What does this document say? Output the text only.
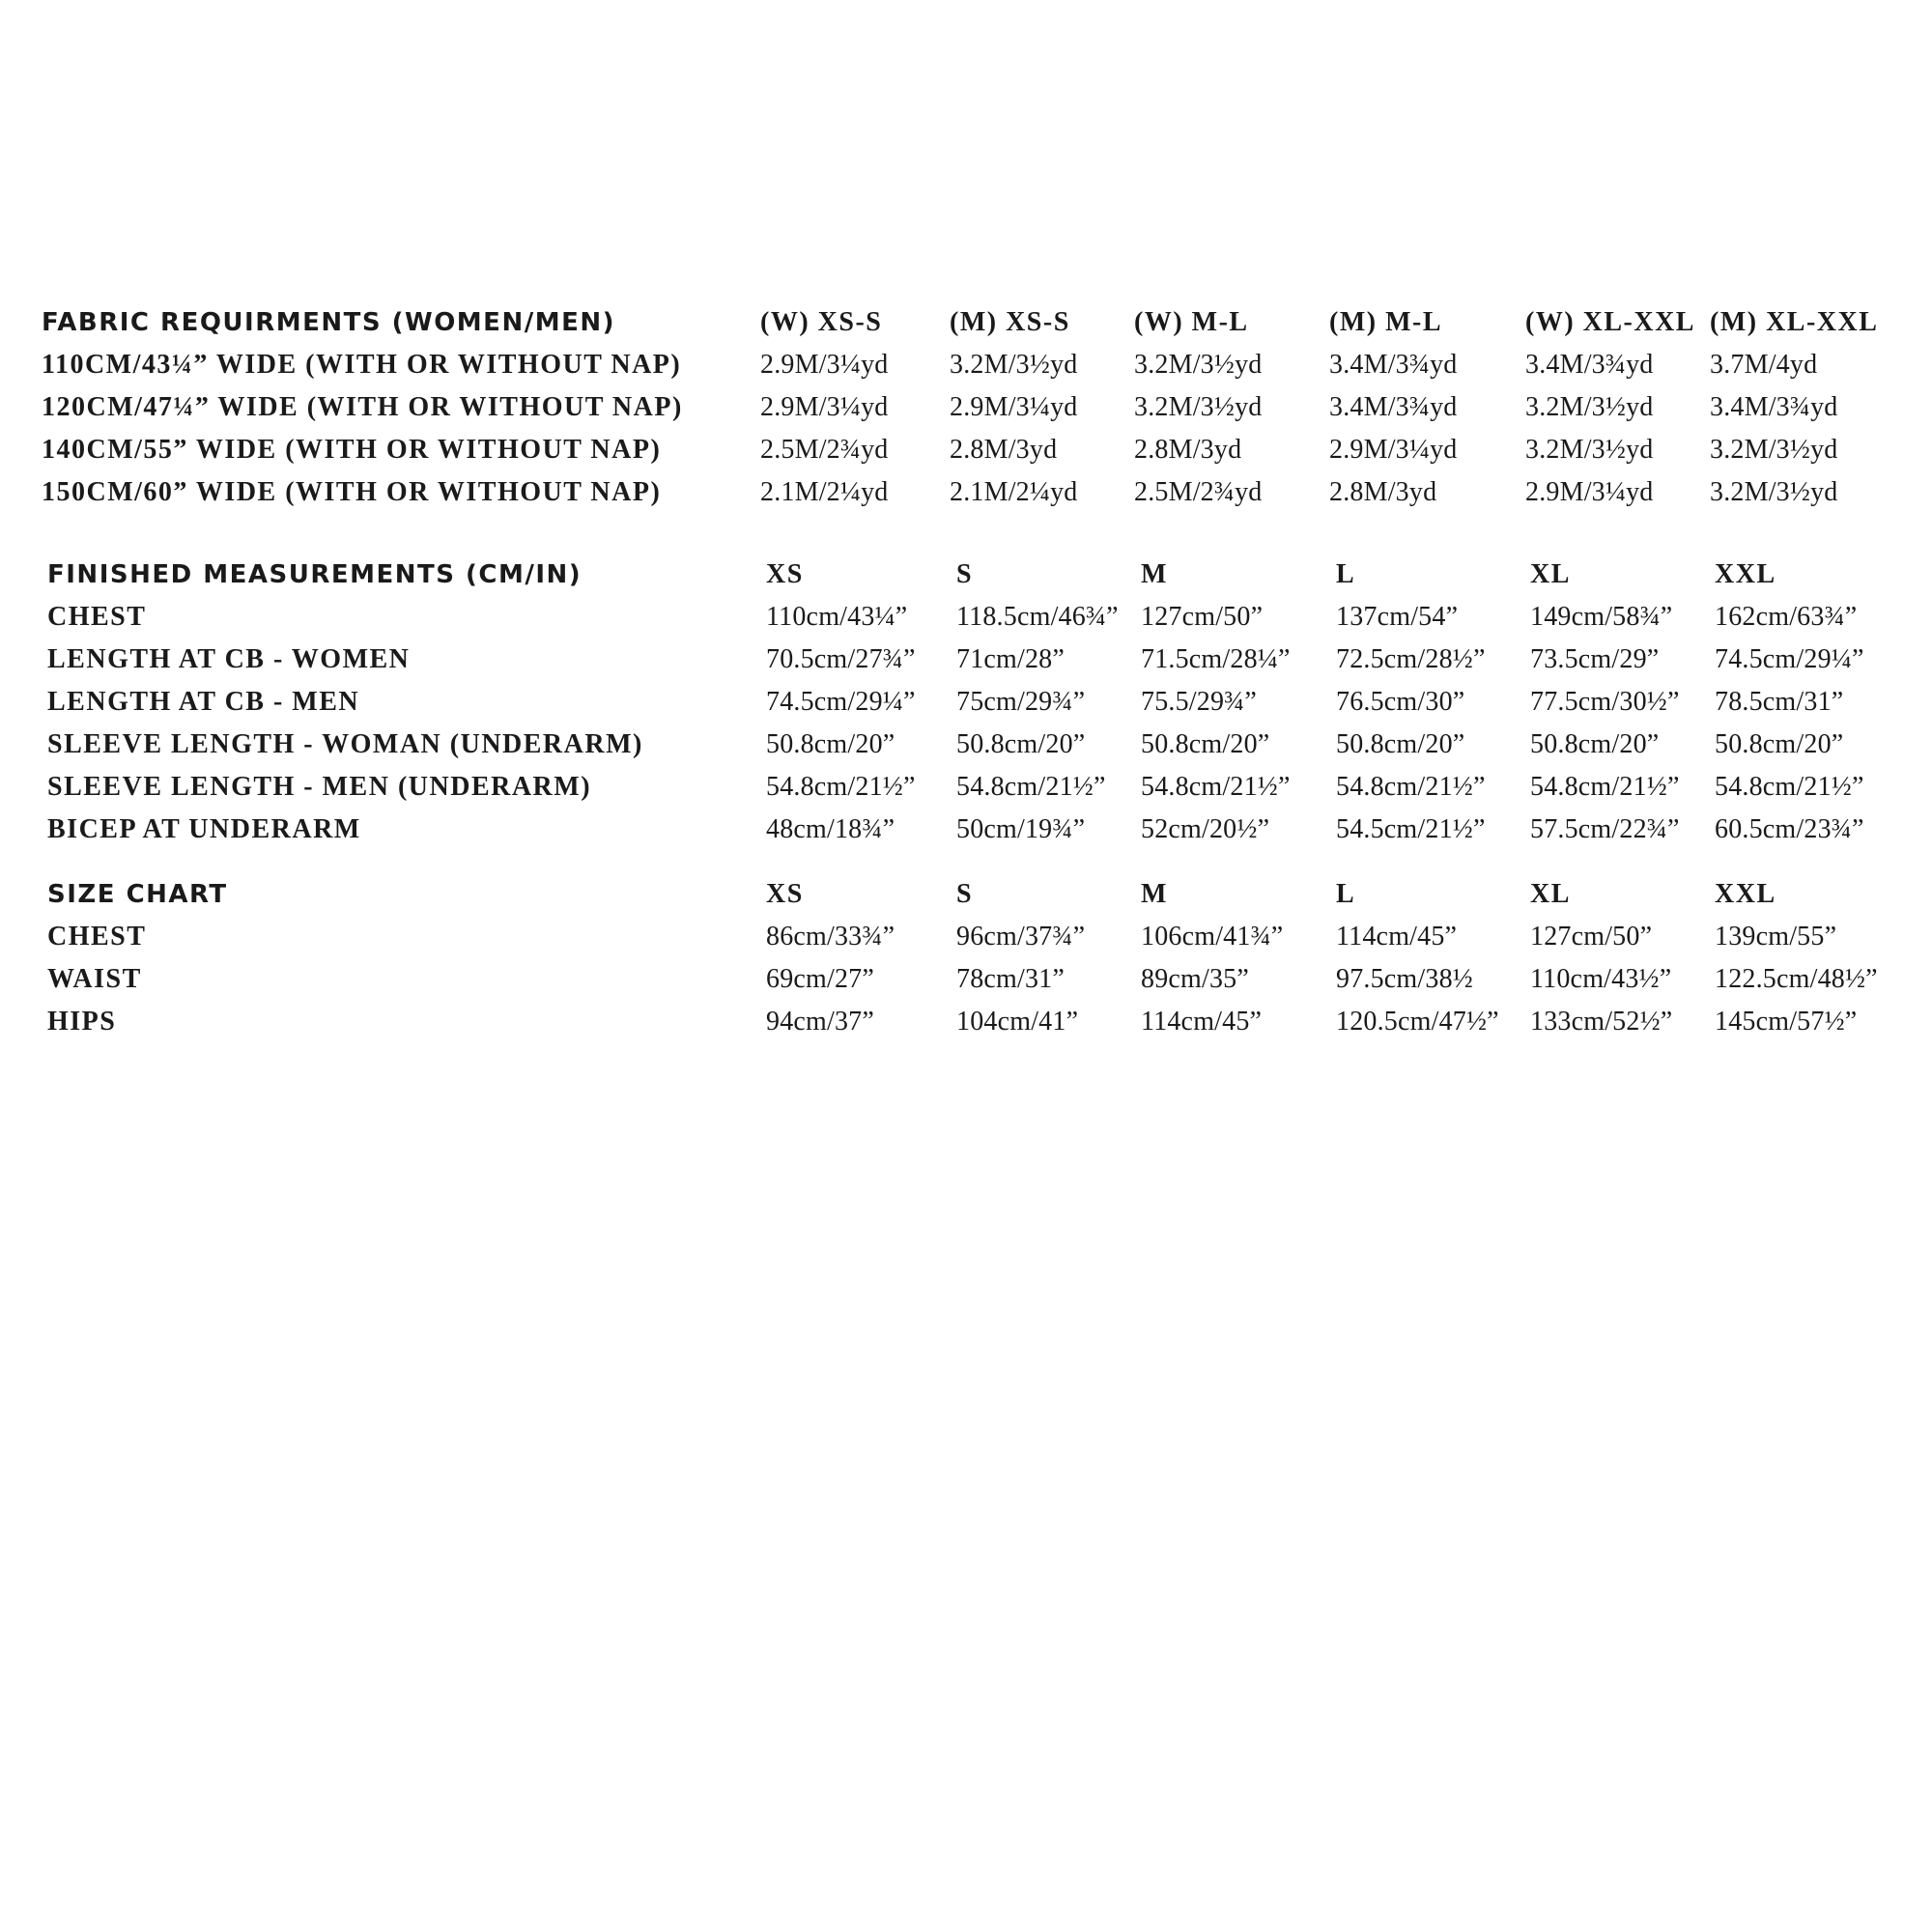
FABRIC REQUIRMENTS (WOMEN/MEN)	(W) XS-S (M) XS-S (W) M-L	(M) M-L	(W) XL-XXL (M) XL-XXL
110CM/43¼” WIDE (WITH OR WITHOUT NAP)	2.9M/3¼yd 3.2M/3½yd 3.2M/3½yd 3.4M/3¾yd	3.4M/3¾yd 3.7M/4yd
120CM/47¼” WIDE (WITH OR WITHOUT NAP)	2.9M/3¼yd 2.9M/3¼yd 3.2M/3½yd 3.4M/3¾yd	3.2M/3½yd 3.4M/3¾yd
140CM/55” WIDE (WITH OR WITHOUT NAP)	2.5M/2¾yd 2.8M/3yd	2.8M/3yd	2.9M/3¼yd	3.2M/3½yd 3.2M/3½yd
150CM/60” WIDE (WITH OR WITHOUT NAP)	2.1M/2¼yd 2.1M/2¼yd 2.5M/2¾yd 2.8M/3yd	2.9M/3¼yd 3.2M/3½yd
FINISHED MEASUREMENTS (CM/IN)	XS	S	M	L	XL	XXL
CHEST	110cm/43¼” 118.5cm/46¾” 127cm/50”	137cm/54”	149cm/58¾” 162cm/63¾”
LENGTH AT CB - WOMEN	70.5cm/27¾” 71cm/28”	71.5cm/28¼” 72.5cm/28½” 73.5cm/29” 74.5cm/29¼”
LENGTH AT CB - MEN	74.5cm/29¼” 75cm/29¾” 75.5/29¾”	76.5cm/30” 77.5cm/30½” 78.5cm/31”
SLEEVE LENGTH - WOMAN (UNDERARM)	50.8cm/20” 50.8cm/20” 50.8cm/20” 50.8cm/20” 50.8cm/20” 50.8cm/20”
SLEEVE LENGTH - MEN (UNDERARM)	54.8cm/21½” 54.8cm/21½” 54.8cm/21½” 54.8cm/21½” 54.8cm/21½” 54.8cm/21½”
BICEP AT UNDERARM	48cm/18¾” 50cm/19¾” 52cm/20½” 54.5cm/21½” 57.5cm/22¾” 60.5cm/23¾”
SIZE CHART	XS	S	M	L	XL	XXL
CHEST	86cm/33¾” 96cm/37¾” 106cm/41¾” 114cm/45”	127cm/50” 139cm/55”
WAIST	69cm/27”	78cm/31”	89cm/35”	97.5cm/38½ 110cm/43½” 122.5cm/48½”
HIPS	94cm/37”	104cm/41” 114cm/45”	120.5cm/47½” 133cm/52½” 145cm/57½”
